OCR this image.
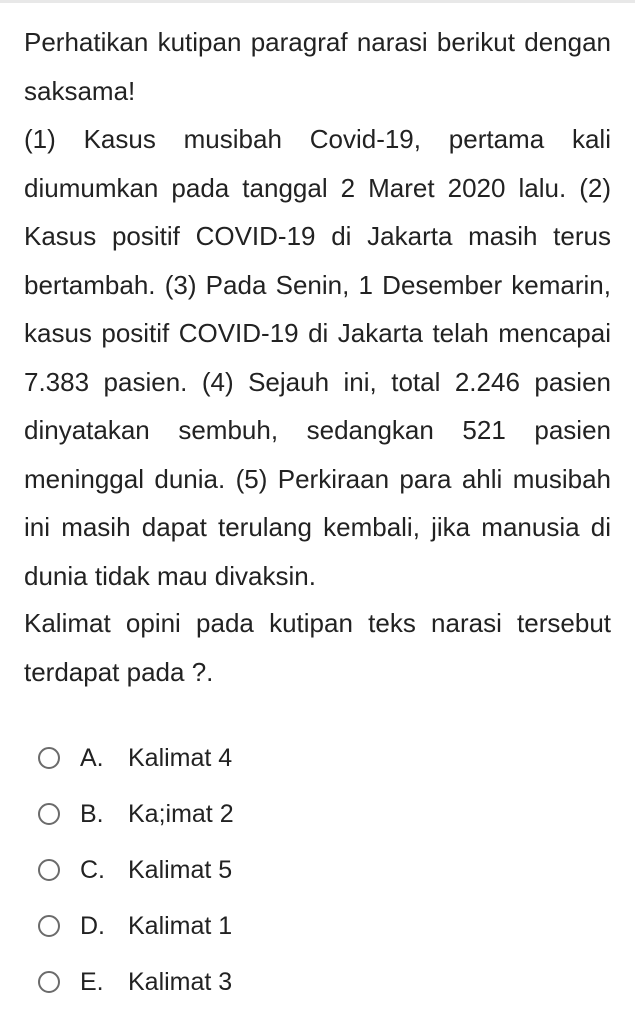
Perhatikan kutipan paragraf narasi berikut dengan saksama!

(1) Kasus musibah Covid-19, pertama kali diumumkan pada tanggal 2 Maret 2020 lalu. (2) Kasus positif COVID-19 di Jakarta masih terus bertambah. (3) Pada Senin, 1 Desember kemarin, kasus positif COVID-19 di Jakarta telah mencapai 7.383 pasien. (4) Sejauh ini, total 2.246 pasien dinyatakan sembuh, sedangkan 521 pasien meninggal dunia. (5) Perkiraan para ahli musibah ini masih dapat terulang kembali, jika manusia di dunia tidak mau divaksin.

Kalimat opini pada kutipan teks narasi tersebut terdapat pada ?.

A. Kalimat 4
B. Ka;imat 2
C. Kalimat 5
D. Kalimat 1
E. Kalimat 3
